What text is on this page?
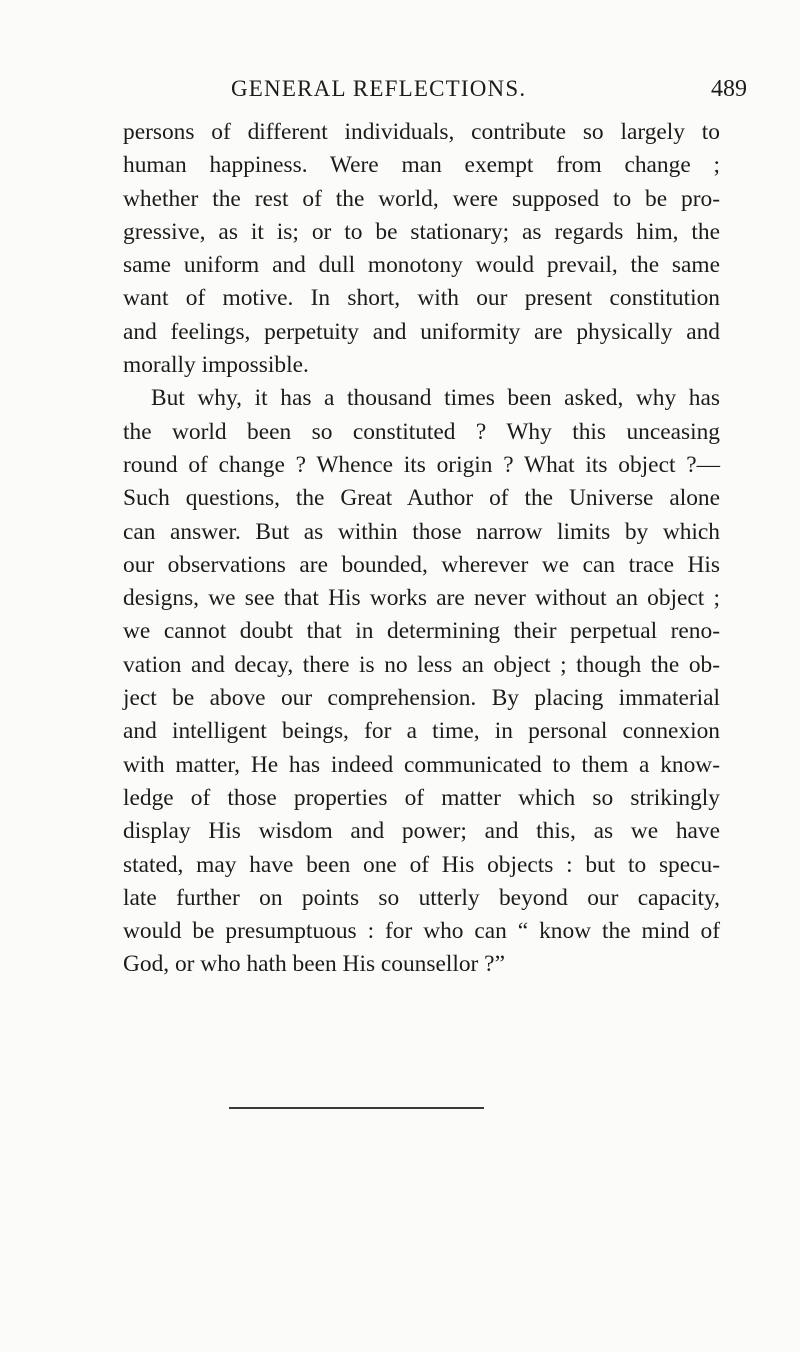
GENERAL REFLECTIONS.	489
persons of different individuals, contribute so largely to
human happiness. Were man exempt from change ;
whether the rest of the world, were supposed to be pro-
gressive, as it is; or to be stationary; as regards him, the
same uniform and dull monotony would prevail, the same
want of motive. In short, with our present constitution
and feelings, perpetuity and uniformity are physically and
morally impossible.
But why, it has a thousand times been asked, why has
the world been so constituted ? Why this unceasing
round of change ? Whence its origin ? What its object ?—
Such questions, the Great Author of the Universe alone
can answer. But as within those narrow limits by which
our observations are bounded, wherever we can trace His
designs, we see that His works are never without an object ;
we cannot doubt that in determining their perpetual reno-
vation and decay, there is no less an object ; though the ob-
ject be above our comprehension. By placing immaterial
and intelligent beings, for a time, in personal connexion
with matter, He has indeed communicated to them a know-
ledge of those properties of matter which so strikingly
display His wisdom and power; and this, as we have
stated, may have been one of His objects : but to specu-
late further on points so utterly beyond our capacity,
would be presumptuous : for who can “ know the mind of
God, or who hath been His counsellor ?”
